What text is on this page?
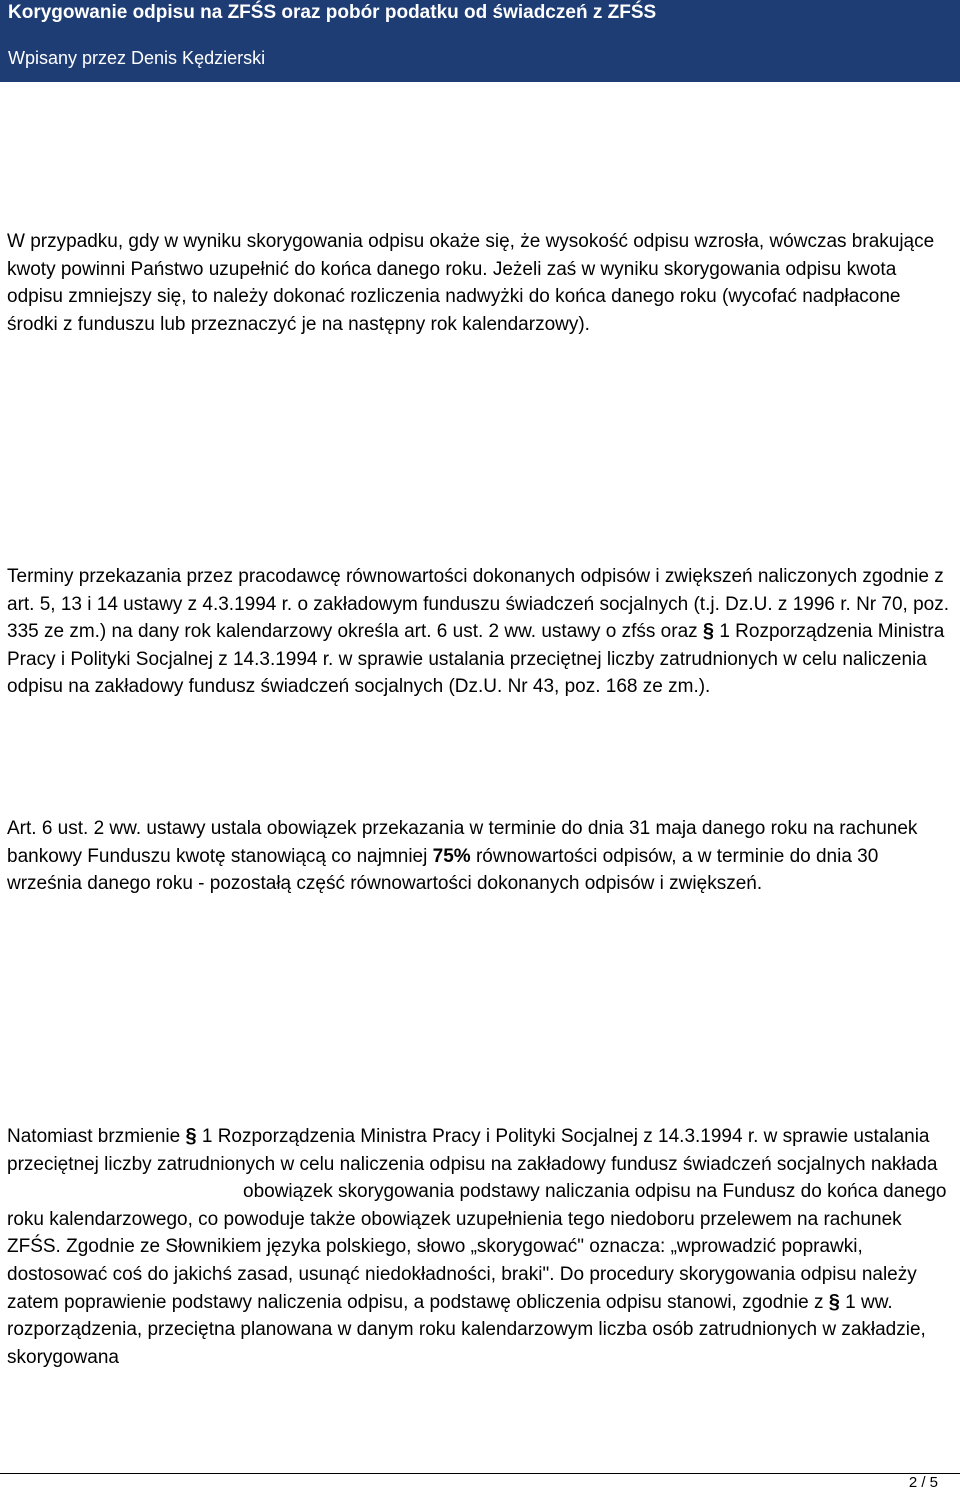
Korygowanie odpisu na ZFŚS oraz pobór podatku od świadczeń z ZFŚS
Wpisany przez Denis Kędzierski

W przypadku, gdy w wyniku skorygowania odpisu okaże się, że wysokość odpisu wzrosła, wówczas brakujące kwoty powinni Państwo uzupełnić do końca danego roku. Jeżeli zaś w wyniku skorygowania odpisu kwota odpisu zmniejszy się, to należy dokonać rozliczenia nadwyżki do końca danego roku (wycofać nadpłacone środki z funduszu lub przeznaczyć je na następny rok kalendarzowy).

Terminy przekazania przez pracodawcę równowartości dokonanych odpisów i zwiększeń naliczonych zgodnie z art. 5, 13 i 14 ustawy z 4.3.1994 r. o zakładowym funduszu świadczeń socjalnych (t.j. Dz.U. z 1996 r. Nr 70, poz. 335 ze zm.) na dany rok kalendarzowy określa art. 6 ust. 2 ww. ustawy o zfśs oraz § 1 Rozporządzenia Ministra Pracy i Polityki Socjalnej z 14.3.1994 r. w sprawie ustalania przeciętnej liczby zatrudnionych w celu naliczenia odpisu na zakładowy fundusz świadczeń socjalnych (Dz.U. Nr 43, poz. 168 ze zm.).

Art. 6 ust. 2 ww. ustawy ustala obowiązek przekazania w terminie do dnia 31 maja danego roku na rachunek bankowy Funduszu kwotę stanowiącą co najmniej 75% równowartości odpisów, a w terminie do dnia 30 września danego roku - pozostałą część równowartości dokonanych odpisów i zwiększeń.

Natomiast brzmienie § 1 Rozporządzenia Ministra Pracy i Polityki Socjalnej z 14.3.1994 r. w sprawie ustalania przeciętnej liczby zatrudnionych w celu naliczenia odpisu na zakładowy fundusz świadczeń socjalnych nakładaobowiązek skorygowania podstawy naliczania odpisu na Fundusz do końca danego roku kalendarzowego, co powoduje także obowiązek uzupełnienia tego niedoboru przelewem na rachunek ZFŚS. Zgodnie ze Słownikiem języka polskiego, słowo „skorygować" oznacza: „wprowadzić poprawki, dostosować coś do jakichś zasad, usunąć niedokładności, braki". Do procedury skorygowania odpisu należy zatem poprawienie podstawy naliczenia odpisu, a podstawę obliczenia odpisu stanowi, zgodnie z § 1 ww. rozporządzenia, przeciętna planowana w danym roku kalendarzowym liczba osób zatrudnionych w zakładzie, skorygowana

2 / 5
